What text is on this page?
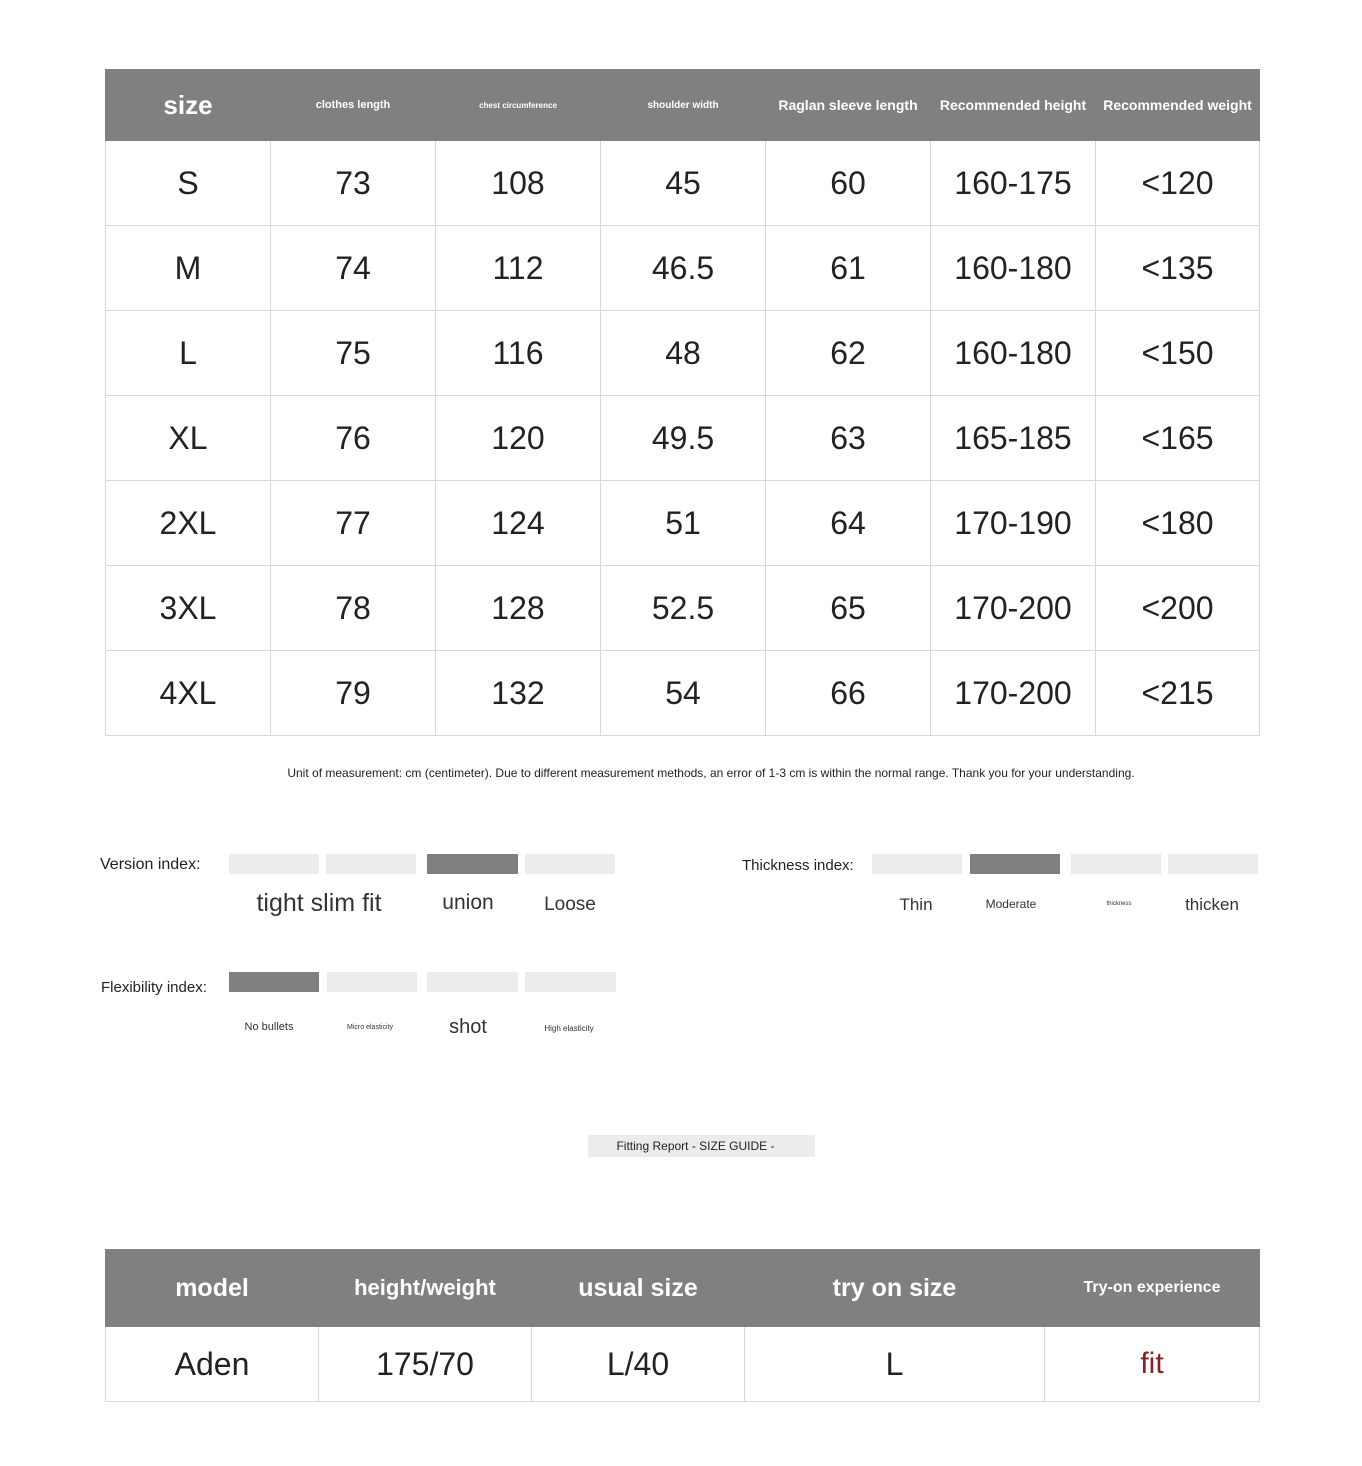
size	clothes length	chest circumference	shoulder width	Raglan sleeve length	Recommended height	Recommended weight
S	73	108	45	60	160-175	<120
M	74	112	46.5	61	160-180	<135
L	75	116	48	62	160-180	<150
XL	76	120	49.5	63	165-185	<165
2XL	77	124	51	64	170-190	<180
3XL	78	128	52.5	65	170-200	<200
4XL	79	132	54	66	170-200	<215
Unit of measurement: cm (centimeter). Due to different measurement methods, an error of 1-3 cm is within the normal range. Thank you for your understanding.
Version index:
tight slim fit	union	Loose
Thickness index:
Thin	Moderate	thickness	thicken
Flexibility index:
No bullets	Micro elasticity	shot	High elasticity
Fitting Report - SIZE GUIDE -
model	height/weight	usual size	try on size	Try-on experience
Aden	175/70	L/40	L	fit
